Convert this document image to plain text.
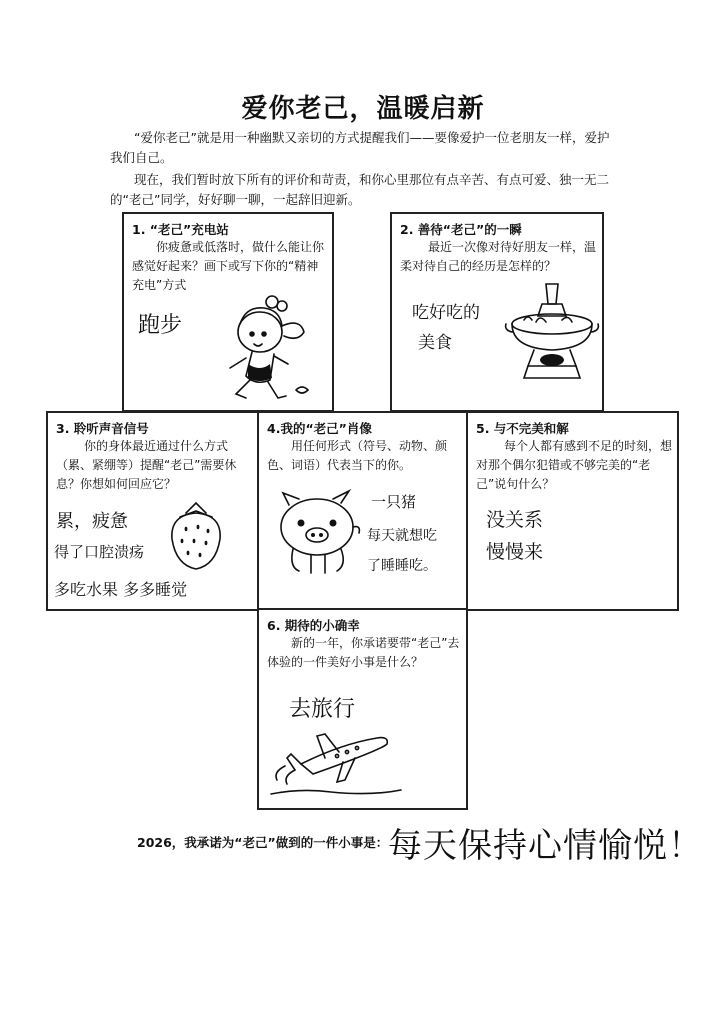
爱你老己，温暖启新

“爱你老己”就是用一种幽默又亲切的方式提醒我们——要像爱护一位老朋友一样，爱护我们自己。

现在，我们暂时放下所有的评价和苛责，和你心里那位有点辛苦、有点可爱、独一无二的“老己”同学，好好聊一聊，一起辞旧迎新。

1. “老己”充电站
你疲惫或低落时，做什么能让你感觉好起来？画下或写下你的“精神充电”方式
跑步
2. 善待“老己”的一瞬
最近一次像对待好朋友一样，温柔对待自己的经历是怎样的？
吃好吃的
美食
3. 聆听声音信号
你的身体最近通过什么方式（累、紧绷等）提醒“老己”需要休息？你想如何回应它？
累，疲惫
得了口腔溃疡
多吃水果 多多睡觉
4.我的“老己”肖像
用任何形式（符号、动物、颜色、词语）代表当下的你。
一只猪
每天就想吃
了睡睡吃。
5. 与不完美和解
每个人都有感到不足的时刻，想对那个偶尔犯错或不够完美的“老己”说句什么？
没关系
慢慢来
6. 期待的小确幸
新的一年，你承诺要带“老己”去体验的一件美好小事是什么？
去旅行
2026，我承诺为“老己”做到的一件小事是： 每天保持心情愉悦！
